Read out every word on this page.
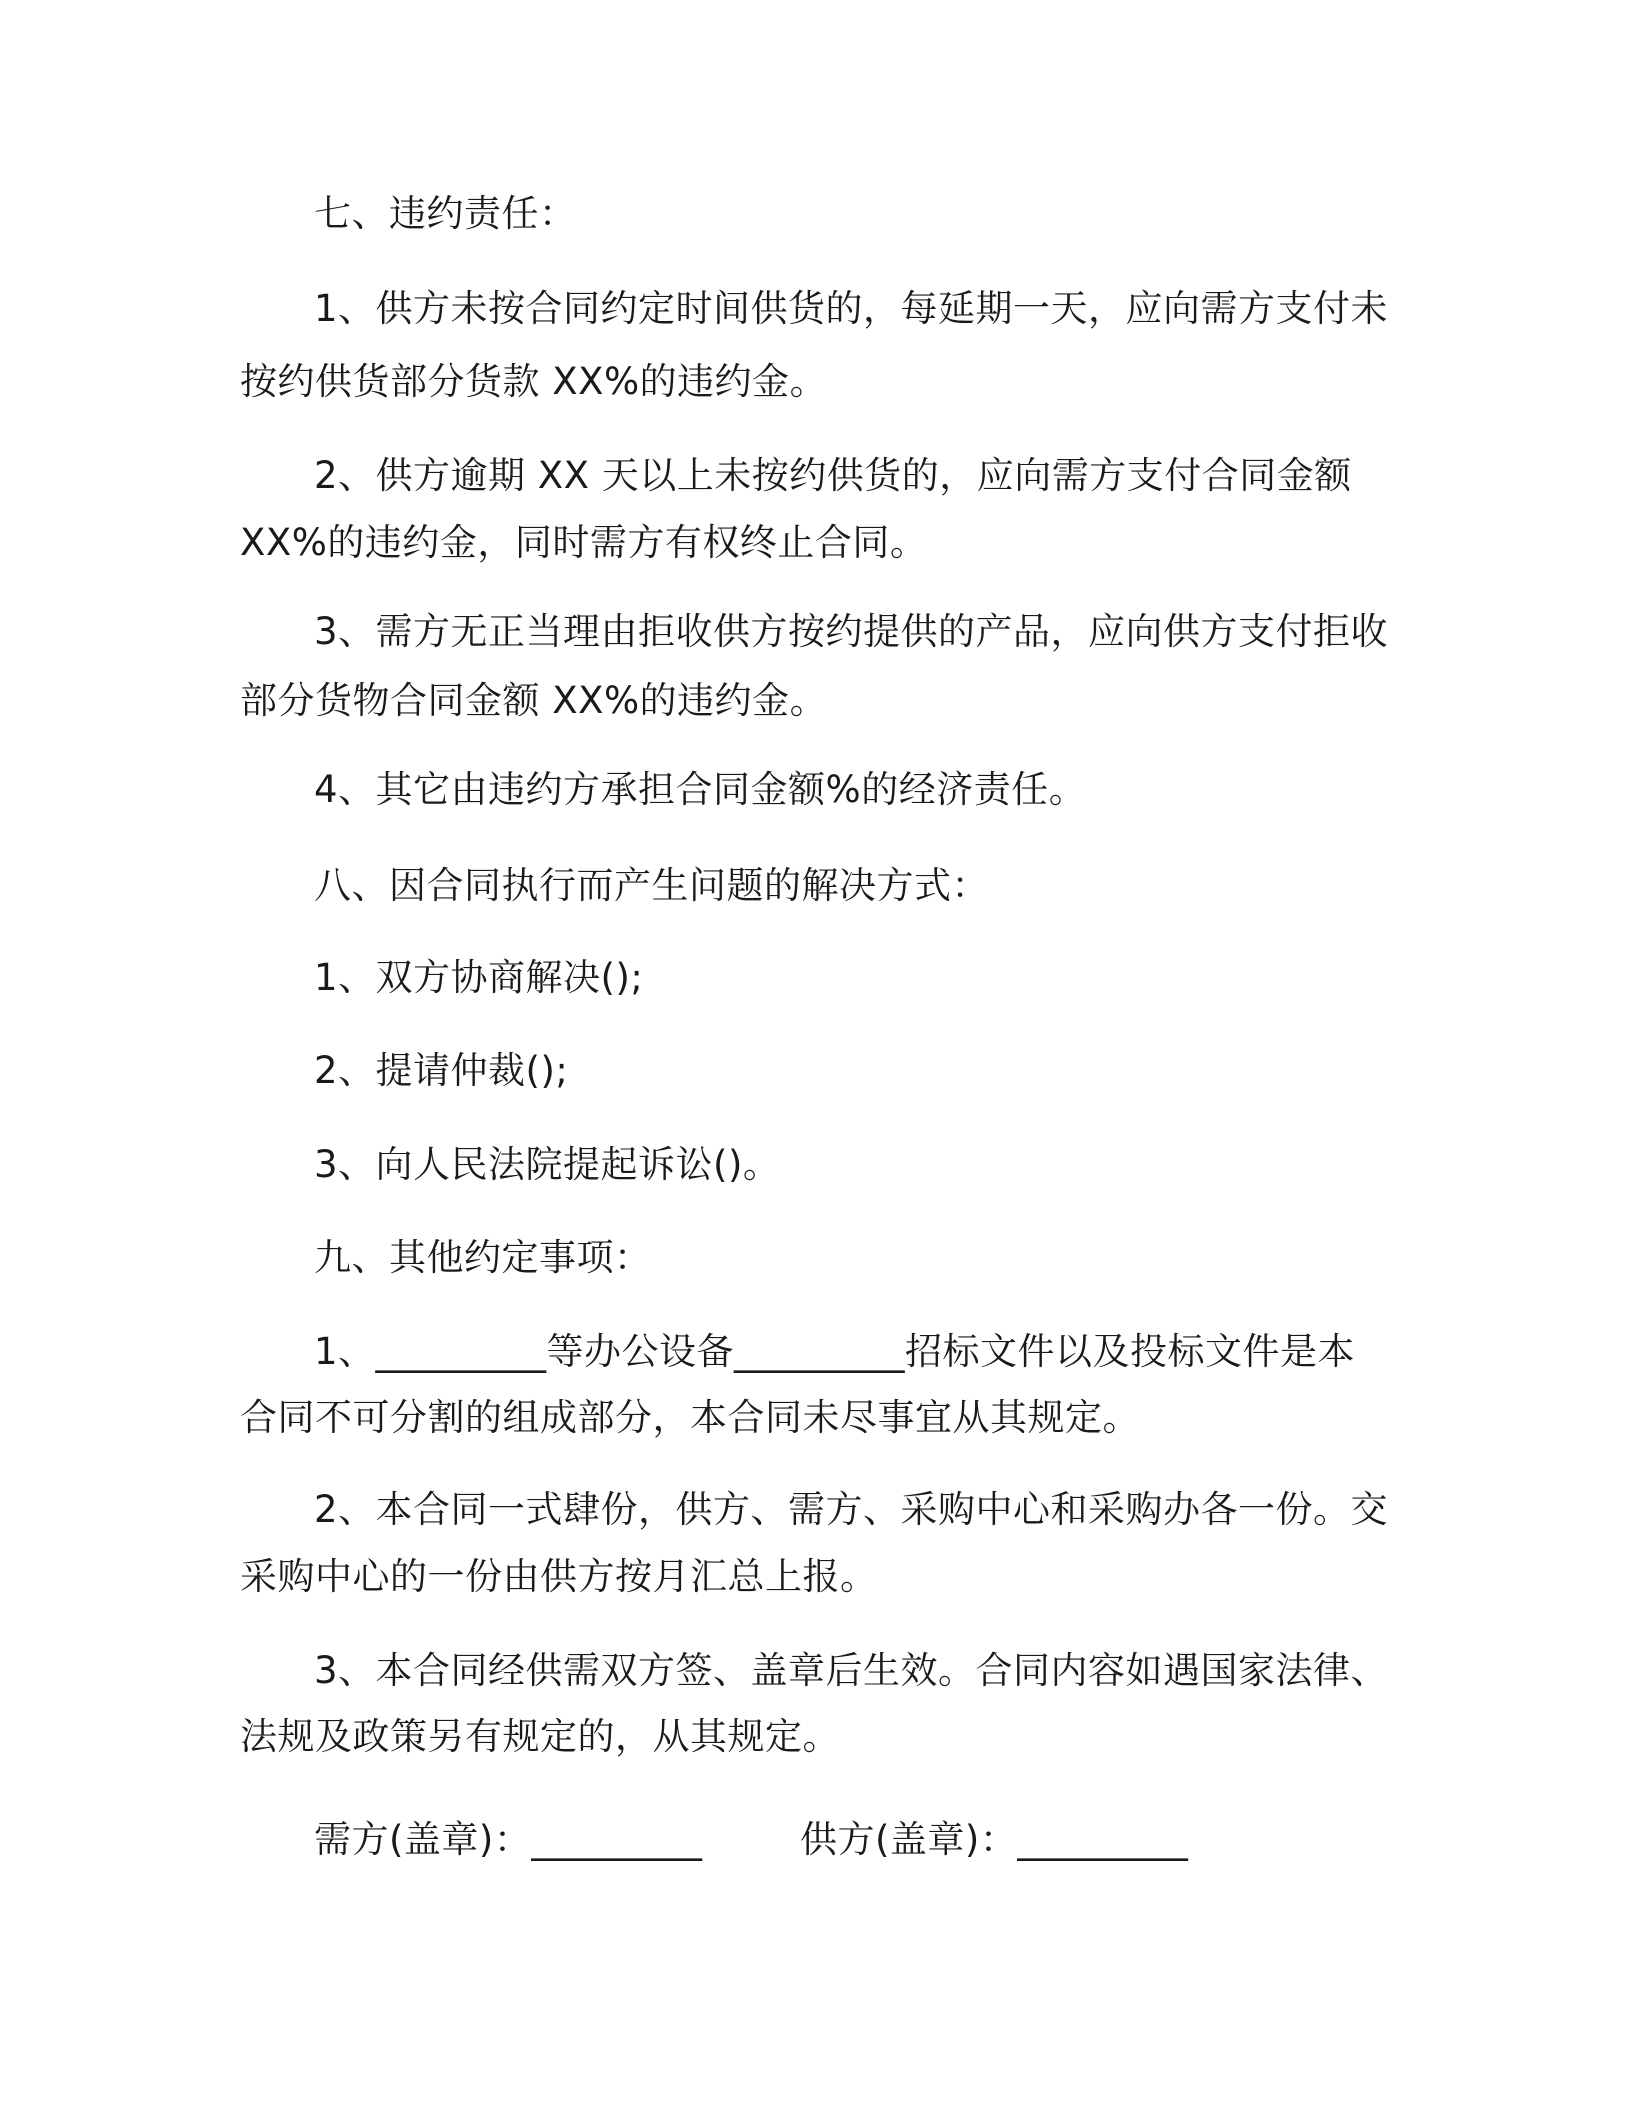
七、违约责任：
1、供方未按合同约定时间供货的，每延期一天，应向需方支付未
按约供货部分货款 XX%的违约金。
2、供方逾期 XX 天以上未按约供货的，应向需方支付合同金额
XX%的违约金，同时需方有权终止合同。
3、需方无正当理由拒收供方按约提供的产品，应向供方支付拒收
部分货物合同金额 XX%的违约金。
4、其它由违约方承担合同金额%的经济责任。
八、因合同执行而产生问题的解决方式：
1、双方协商解决();
2、提请仲裁();
3、向人民法院提起诉讼()。
九、其他约定事项：
1、_________等办公设备_________招标文件以及投标文件是本
合同不可分割的组成部分，本合同未尽事宜从其规定。
2、本合同一式肆份，供方、需方、采购中心和采购办各一份。交
采购中心的一份由供方按月汇总上报。
3、本合同经供需双方签、盖章后生效。合同内容如遇国家法律、
法规及政策另有规定的，从其规定。
需方(盖章)：_________	供方(盖章)：_________
